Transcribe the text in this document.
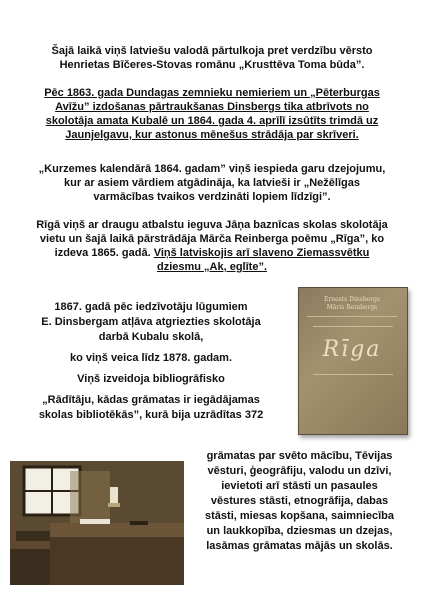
Šajā laikā viņš latviešu valodā pārtulkoja pret verdzību vērsto
Henrietas Bīčeres-Stovas romānu „Krusttēva Toma būda”.

Pēc 1863. gada Dundagas zemnieku nemieriem un „Pēterburgas
Avīžu” izdošanas pārtraukšanas Dinsbergs tika atbrīvots no
skolotāja amata Kubalē un 1864. gada 4. aprīlī izsūtīts trimdā uz
Jaunjelgavu, kur astonus mēnešus strādāja par skrīveri.

„Kurzemes kalendārā 1864. gadam” viņš iespieda garu dzejojumu,
kur ar asiem vārdiem atgādināja, ka latvieši ir „Nežēlīgas
varmācības tvaikos verdzināti lopiem līdzīgi”.

Rīgā viņš ar draugu atbalstu ieguva Jāņa baznīcas skolas skolotāja
vietu un šajā laikā pārstrādāja Mārča Reinberga poēmu „Rīga”, ko
izdeva 1865. gadā. Viņš latviskojis arī slaveno Ziemassvētku
dziesmu „Ak, eglīte”.

1867. gadā pēc iedzīvotāju lūgumiem
E. Dinsbergam atļāva atgriezties skolotāja
darbā Kubalu skolā,
ko viņš veica līdz 1878. gadam.
Viņš izveidoja bibliogrāfisko
„Rādītāju, kādas grāmatas ir iegādājamas
skolas bibliotēkās”, kurā bija uzrādītas 372

grāmatas par svēto mācību, Tēvijas
vēsturi, ģeogrāfiju, valodu un dzīvi,
ievietoti arī stāsti un pasaules
vēstures stāsti, etnogrāfija, dabas
stāsti, miesas kopšana, saimniecība
un laukkopība, dziesmas un dzejas,
lasāmas grāmatas mājās un skolās.

Ernests Dinsbergs
Māris Reinbergs
Rīga
